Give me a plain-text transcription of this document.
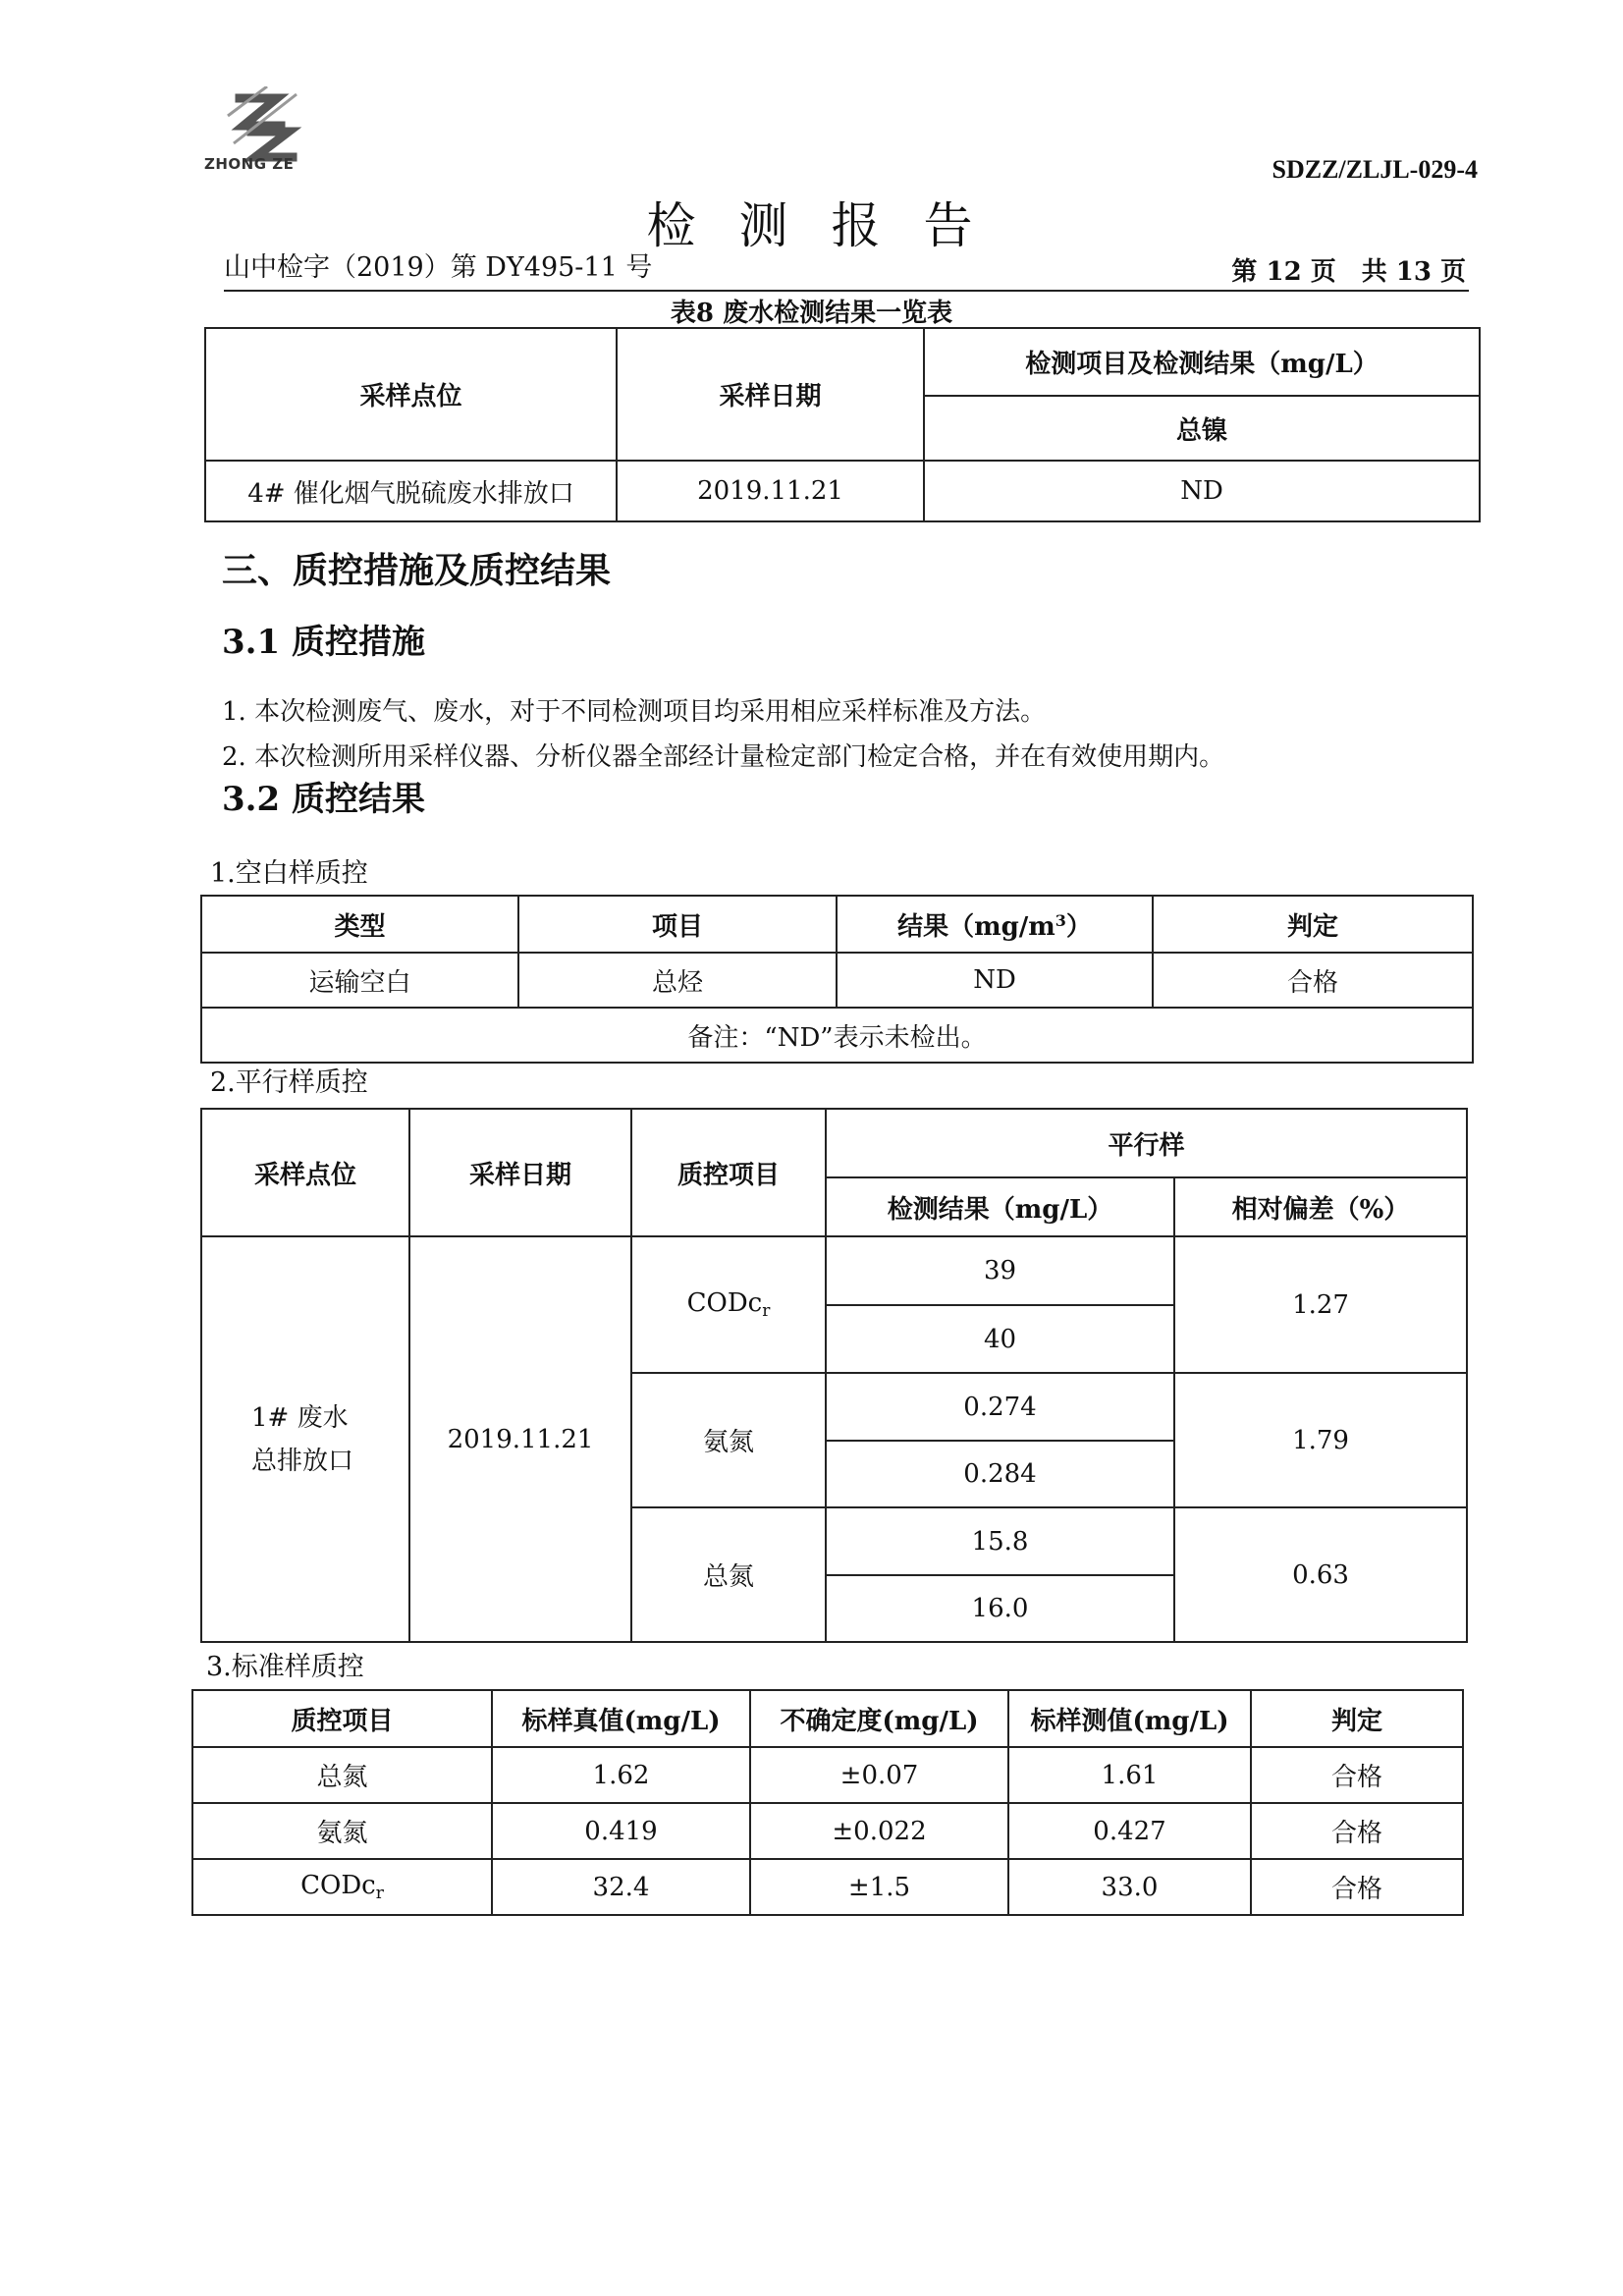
ZHONG ZE	SDZZ/ZLJL-029-4
检测报告
山中检字（2019）第 DY495-11 号	第 12 页　共 13 页
表8 废水检测结果一览表
采样点位	采样日期	检测项目及检测结果（mg/L）
		总镍
4# 催化烟气脱硫废水排放口	2019.11.21	ND
三、质控措施及质控结果
3.1 质控措施
1. 本次检测废气、废水，对于不同检测项目均采用相应采样标准及方法。
2. 本次检测所用采样仪器、分析仪器全部经计量检定部门检定合格，并在有效使用期内。
3.2 质控结果
1.空白样质控
类型	项目	结果$(mg/m^3)$	判定
运输空白	总烃	ND	合格
备注：“ND”表示未检出。			
2.平行样质控
采样点位	采样日期	质控项目	平行样	
			检测结果（mg/L）	相对偏差（%）

1# 废水总排放口	2019.11.21	CODc$_r$	39	1.27
			40	
		氨氮	0.274	1.79
			0.284	
		总氮	15.8	0.63
			16.0	
3.标准样质控
质控项目	标样真值(mg/L)	不确定度(mg/L)	标样测值(mg/L)	判定
总氮	1.62	±0.07	1.61	合格
氨氮	0.419	±0.022	0.427	合格
CODc$_r$	32.4	±1.5	33.0	合格
